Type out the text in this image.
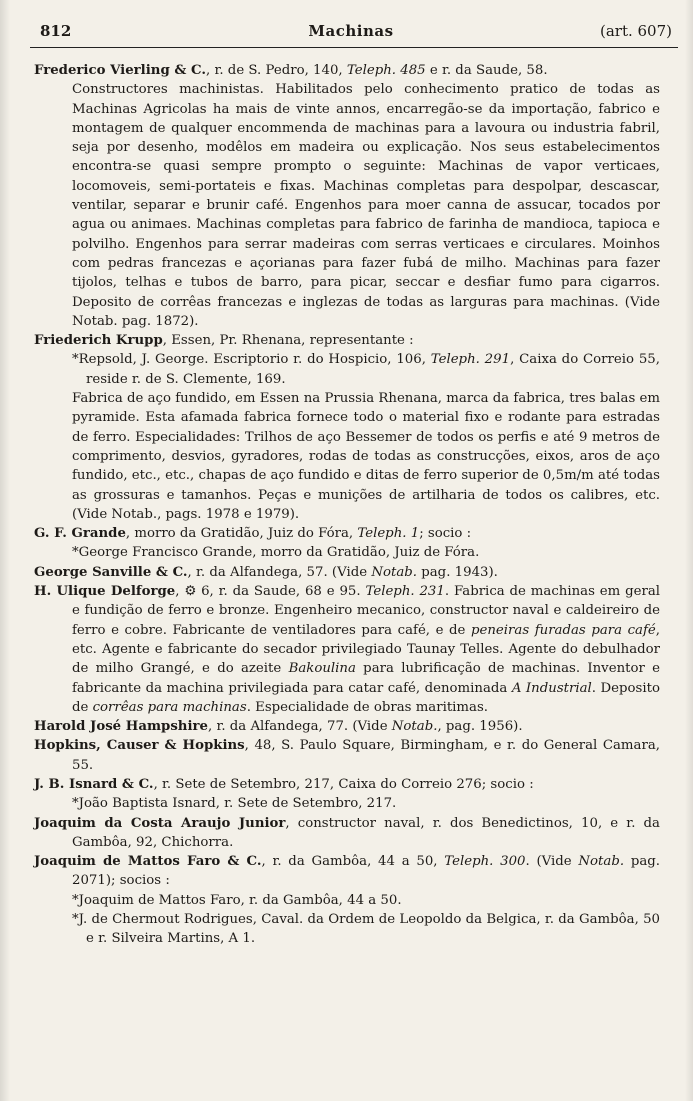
812	Machinas	(art. 607)

Frederico Vierling & C., r. de S. Pedro, 140, Teleph. 485 e r. da Saude, 58.

Constructores machinistas. Habilitados pelo conhecimento pratico de todas as Machinas Agricolas ha mais de vinte annos, encarregão-se da importação, fabrico e montagem de qualquer encommenda de machinas para a lavoura ou industria fabril, seja por desenho, modêlos em madeira ou explicação. Nos seus estabelecimentos encontra-se quasi sempre prompto o seguinte: Machinas de vapor verticaes, locomoveis, semi-portateis e fixas. Machinas completas para despolpar, descascar, ventilar, separar e brunir café. Engenhos para moer canna de assucar, tocados por agua ou animaes. Machinas completas para fabrico de farinha de mandioca, tapioca e polvilho. Engenhos para serrar madeiras com serras verticaes e circulares. Moinhos com pedras francezas e açorianas para fazer fubá de milho. Machinas para fazer tijolos, telhas e tubos de barro, para picar, seccar e desfiar fumo para cigarros. Deposito de corrêas francezas e inglezas de todas as larguras para machinas. (Vide Notab. pag. 1872).

Friederich Krupp, Essen, Pr. Rhenana, representante :

*Repsold, J. George. Escriptorio r. do Hospicio, 106, Teleph. 291, Caixa do Correio 55, reside r. de S. Clemente, 169.

Fabrica de aço fundido, em Essen na Prussia Rhenana, marca da fabrica, tres balas em pyramide. Esta afamada fabrica fornece todo o material fixo e rodante para estradas de ferro. Especialidades: Trilhos de aço Bessemer de todos os perfis e até 9 metros de comprimento, desvios, gyradores, rodas de todas as construcções, eixos, aros de aço fundido, etc., etc., chapas de aço fundido e ditas de ferro superior de 0,5m/m até todas as grossuras e tamanhos. Peças e munições de artilharia de todos os calibres, etc. (Vide Notab., pags. 1978 e 1979).

G. F. Grande, morro da Gratidão, Juiz do Fóra, Teleph. 1; socio :

*George Francisco Grande, morro da Gratidão, Juiz de Fóra.

George Sanville & C., r. da Alfandega, 57. (Vide Notab. pag. 1943).

H. Ulique Delforge, ⚙ 6, r. da Saude, 68 e 95. Teleph. 231. Fabrica de machinas em geral e fundição de ferro e bronze. Engenheiro mecanico, constructor naval e caldeireiro de ferro e cobre. Fabricante de ventiladores para café, e de peneiras furadas para café, etc. Agente e fabricante do secador privilegiado Taunay Telles. Agente do debulhador de milho Grangé, e do azeite Bakoulina para lubrificação de machinas. Inventor e fabricante da machina privilegiada para catar café, denominada A Industrial. Deposito de corrêas para machinas. Especialidade de obras maritimas.

Harold José Hampshire, r. da Alfandega, 77. (Vide Notab., pag. 1956).

Hopkins, Causer & Hopkins, 48, S. Paulo Square, Birmingham, e r. do General Camara, 55.

J. B. Isnard & C., r. Sete de Setembro, 217, Caixa do Correio 276; socio :

*João Baptista Isnard, r. Sete de Setembro, 217.

Joaquim da Costa Araujo Junior, constructor naval, r. dos Benedictinos, 10, e r. da Gambôa, 92, Chichorra.

Joaquim de Mattos Faro & C., r. da Gambôa, 44 a 50, Teleph. 300. (Vide Notab. pag. 2071); socios :

*Joaquim de Mattos Faro, r. da Gambôa, 44 a 50.

*J. de Chermout Rodrigues, Caval. da Ordem de Leopoldo da Belgica, r. da Gambôa, 50 e r. Silveira Martins, A 1.
